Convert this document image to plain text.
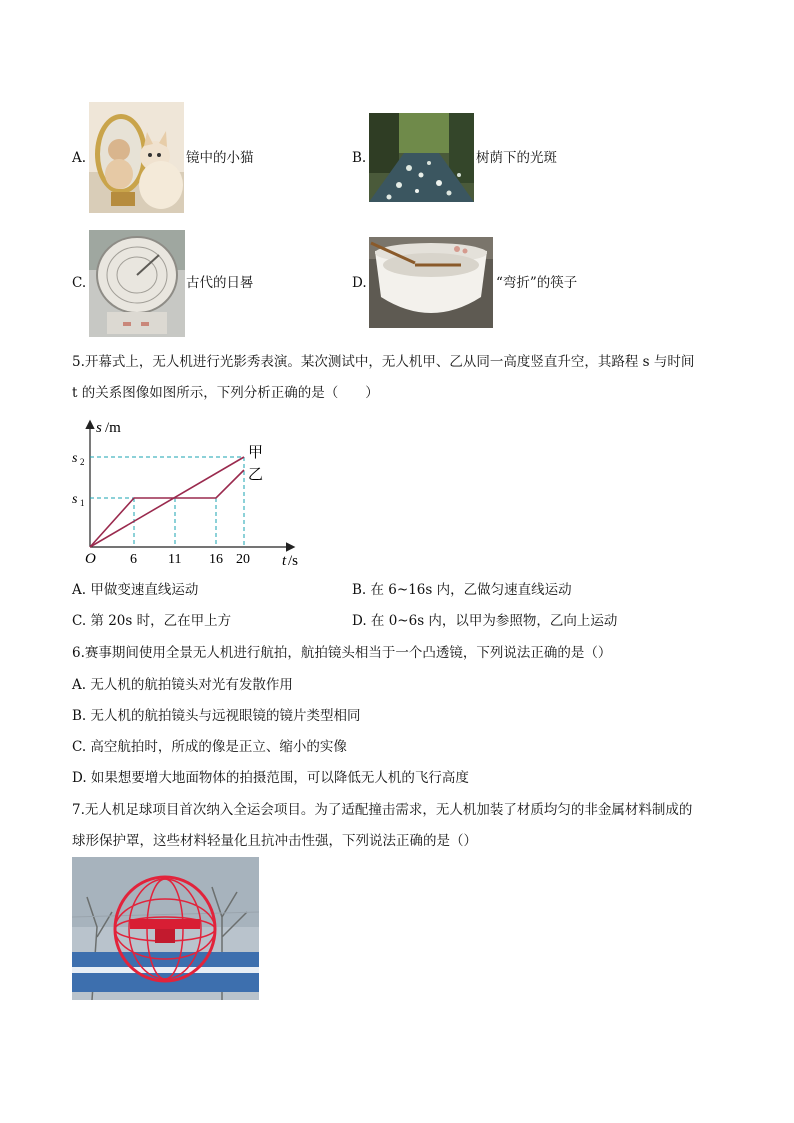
A.	镜中的小猫	B.	树荫下的光斑
C.	古代的日晷	D.	“弯折”的筷子
5.开幕式上，无人机进行光影秀表演。某次测试中，无人机甲、乙从同一高度竖直升空，其路程 s 与时间
t 的关系图像如图所示，下列分析正确的是（　　）
s /m
s 2
s 1
O 6 11 16 20 t /s
甲
乙
A. 甲做变速直线运动	B. 在 6~16s 内，乙做匀速直线运动
C. 第 20s 时，乙在甲上方	D. 在 0~6s 内，以甲为参照物，乙向上运动
6.赛事期间使用全景无人机进行航拍，航拍镜头相当于一个凸透镜，下列说法正确的是（）
A. 无人机的航拍镜头对光有发散作用
B. 无人机的航拍镜头与远视眼镜的镜片类型相同
C. 高空航拍时，所成的像是正立、缩小的实像
D. 如果想要增大地面物体的拍摄范围，可以降低无人机的飞行高度
7.无人机足球项目首次纳入全运会项目。为了适配撞击需求，无人机加装了材质均匀的非金属材料制成的
球形保护罩，这些材料轻量化且抗冲击性强，下列说法正确的是（）
